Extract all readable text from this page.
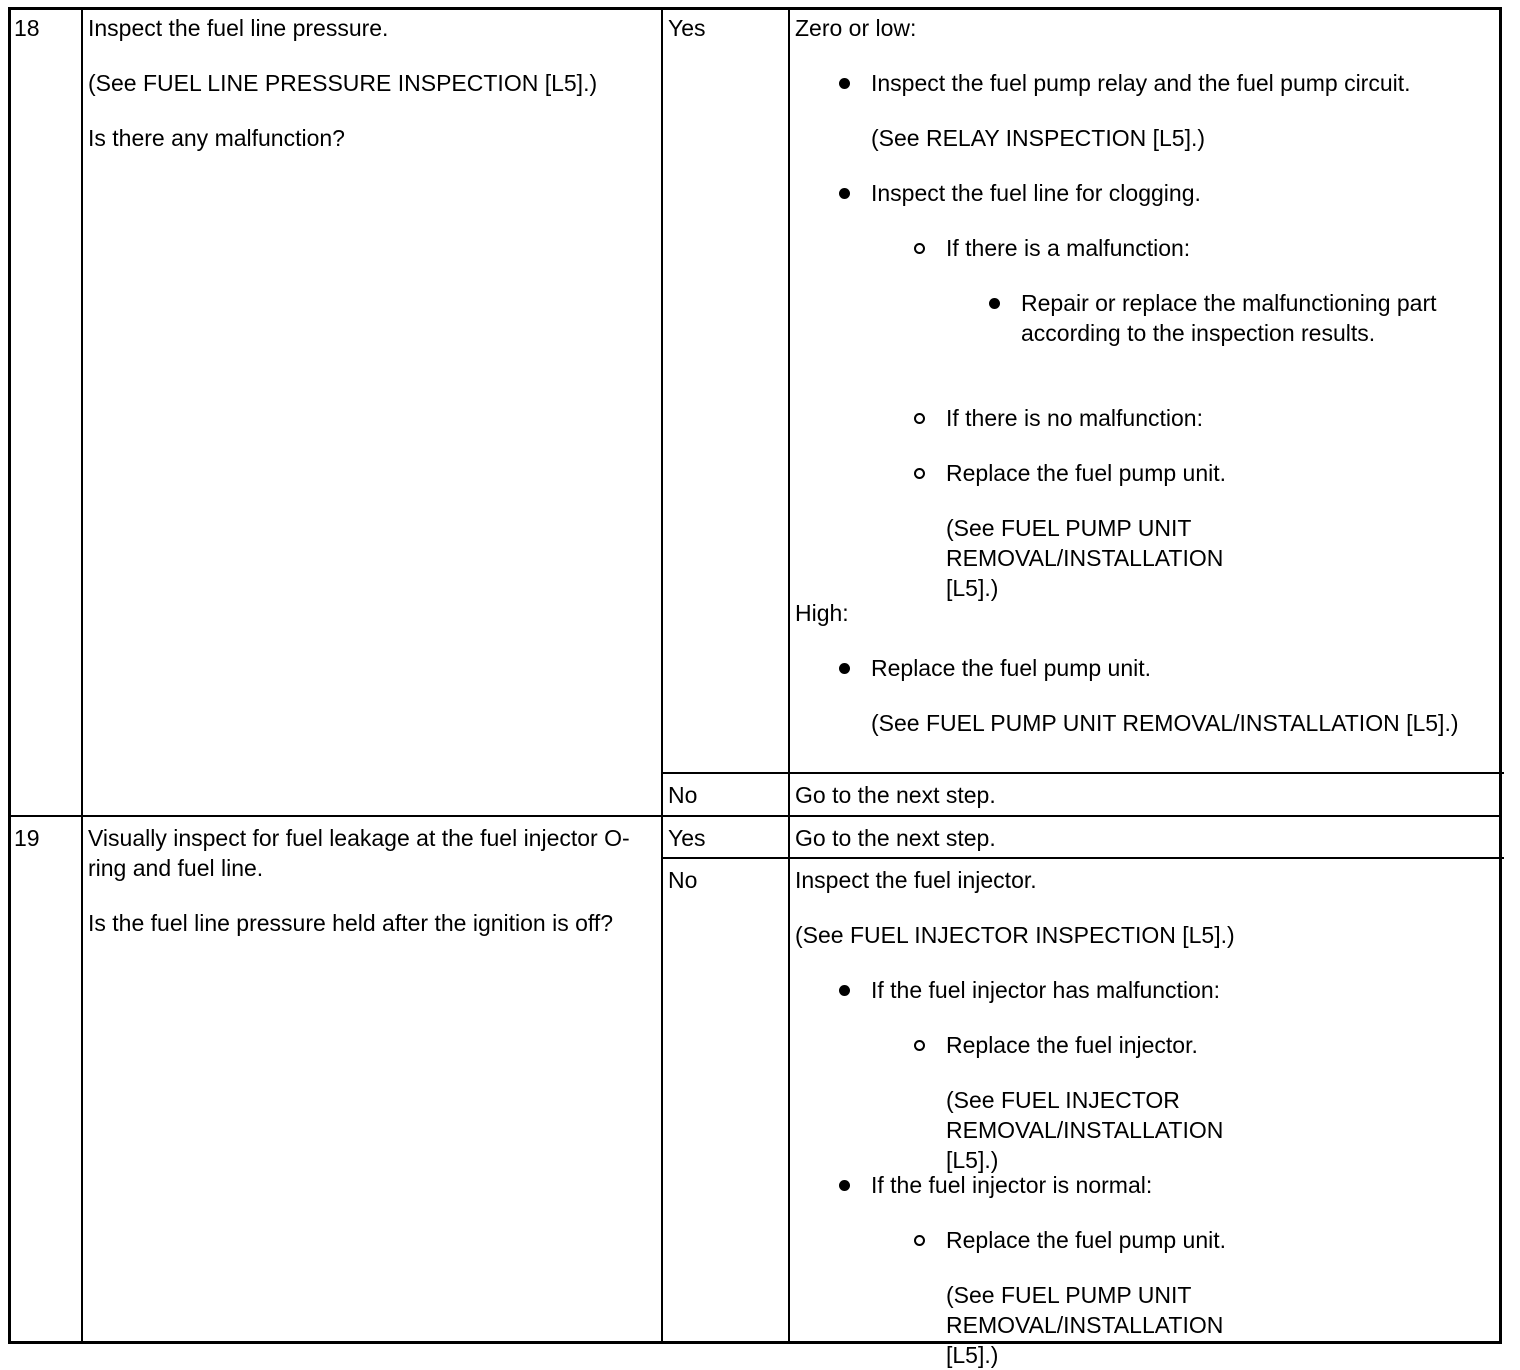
18 Inspect the fuel line pressure.
(See FUEL LINE PRESSURE INSPECTION [L5].)
Is there any malfunction?
Yes	Zero or low:
Inspect the fuel pump relay and the fuel pump circuit.
(See RELAY INSPECTION [L5].)
Inspect the fuel line for clogging.
If there is a malfunction:
Repair or replace the malfunctioning part according to the inspection results.
If there is no malfunction:
Replace the fuel pump unit.
(See FUEL PUMP UNIT REMOVAL/INSTALLATION [L5].)
High:
Replace the fuel pump unit.
(See FUEL PUMP UNIT REMOVAL/INSTALLATION [L5].)
No	Go to the next step.
19 Visually inspect for fuel leakage at the fuel injector O-ring and fuel line.
Is the fuel line pressure held after the ignition is off?
Yes	Go to the next step.
No	Inspect the fuel injector.
(See FUEL INJECTOR INSPECTION [L5].)
If the fuel injector has malfunction:
Replace the fuel injector.
(See FUEL INJECTOR REMOVAL/INSTALLATION [L5].)
If the fuel injector is normal:
Replace the fuel pump unit.
(See FUEL PUMP UNIT REMOVAL/INSTALLATION [L5].)
